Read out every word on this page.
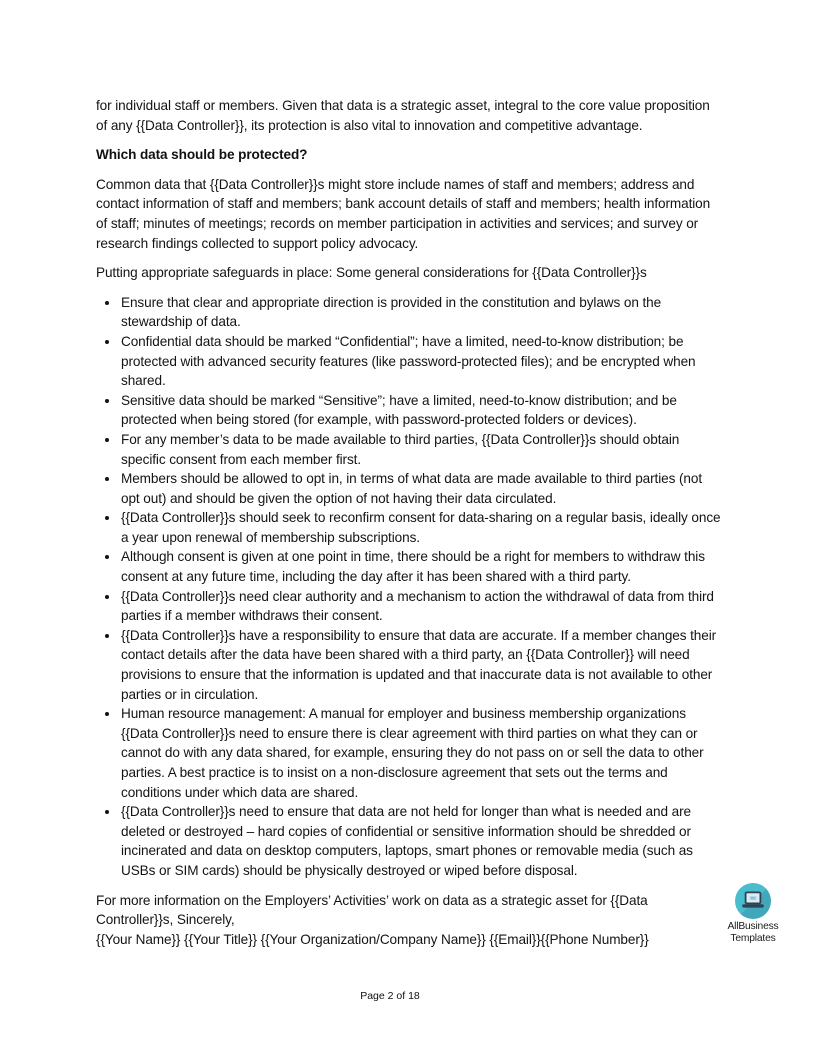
for individual staff or members. Given that data is a strategic asset, integral to the core value proposition of any {{Data Controller}}, its protection is also vital to innovation and competitive advantage.

Which data should be protected?

Common data that {{Data Controller}}s might store include names of staff and members; address and contact information of staff and members; bank account details of staff and members; health information of staff; minutes of meetings; records on member participation in activities and services; and survey or research findings collected to support policy advocacy.

Putting appropriate safeguards in place: Some general considerations for {{Data Controller}}s

• Ensure that clear and appropriate direction is provided in the constitution and bylaws on the stewardship of data.
• Confidential data should be marked “Confidential”; have a limited, need-to-know distribution; be protected with advanced security features (like password-protected files); and be encrypted when shared.
• Sensitive data should be marked “Sensitive”; have a limited, need-to-know distribution; and be protected when being stored (for example, with password-protected folders or devices).
• For any member’s data to be made available to third parties, {{Data Controller}}s should obtain specific consent from each member first.
• Members should be allowed to opt in, in terms of what data are made available to third parties (not opt out) and should be given the option of not having their data circulated.
• {{Data Controller}}s should seek to reconfirm consent for data-sharing on a regular basis, ideally once a year upon renewal of membership subscriptions.
• Although consent is given at one point in time, there should be a right for members to withdraw this consent at any future time, including the day after it has been shared with a third party.
• {{Data Controller}}s need clear authority and a mechanism to action the withdrawal of data from third parties if a member withdraws their consent.
• {{Data Controller}}s have a responsibility to ensure that data are accurate. If a member changes their contact details after the data have been shared with a third party, an {{Data Controller}} will need provisions to ensure that the information is updated and that inaccurate data is not available to other parties or in circulation.
• Human resource management: A manual for employer and business membership organizations {{Data Controller}}s need to ensure there is clear agreement with third parties on what they can or cannot do with any data shared, for example, ensuring they do not pass on or sell the data to other parties. A best practice is to insist on a non-disclosure agreement that sets out the terms and conditions under which data are shared.
• {{Data Controller}}s need to ensure that data are not held for longer than what is needed and are deleted or destroyed – hard copies of confidential or sensitive information should be shredded or incinerated and data on desktop computers, laptops, smart phones or removable media (such as USBs or SIM cards) should be physically destroyed or wiped before disposal.

For more information on the Employers’ Activities’ work on data as a strategic asset for {{Data Controller}}s, Sincerely,
{{Your Name}} {{Your Title}} {{Your Organization/Company Name}} {{Email}}{{Phone Number}}

AllBusiness
Templates
Page 2 of 18
